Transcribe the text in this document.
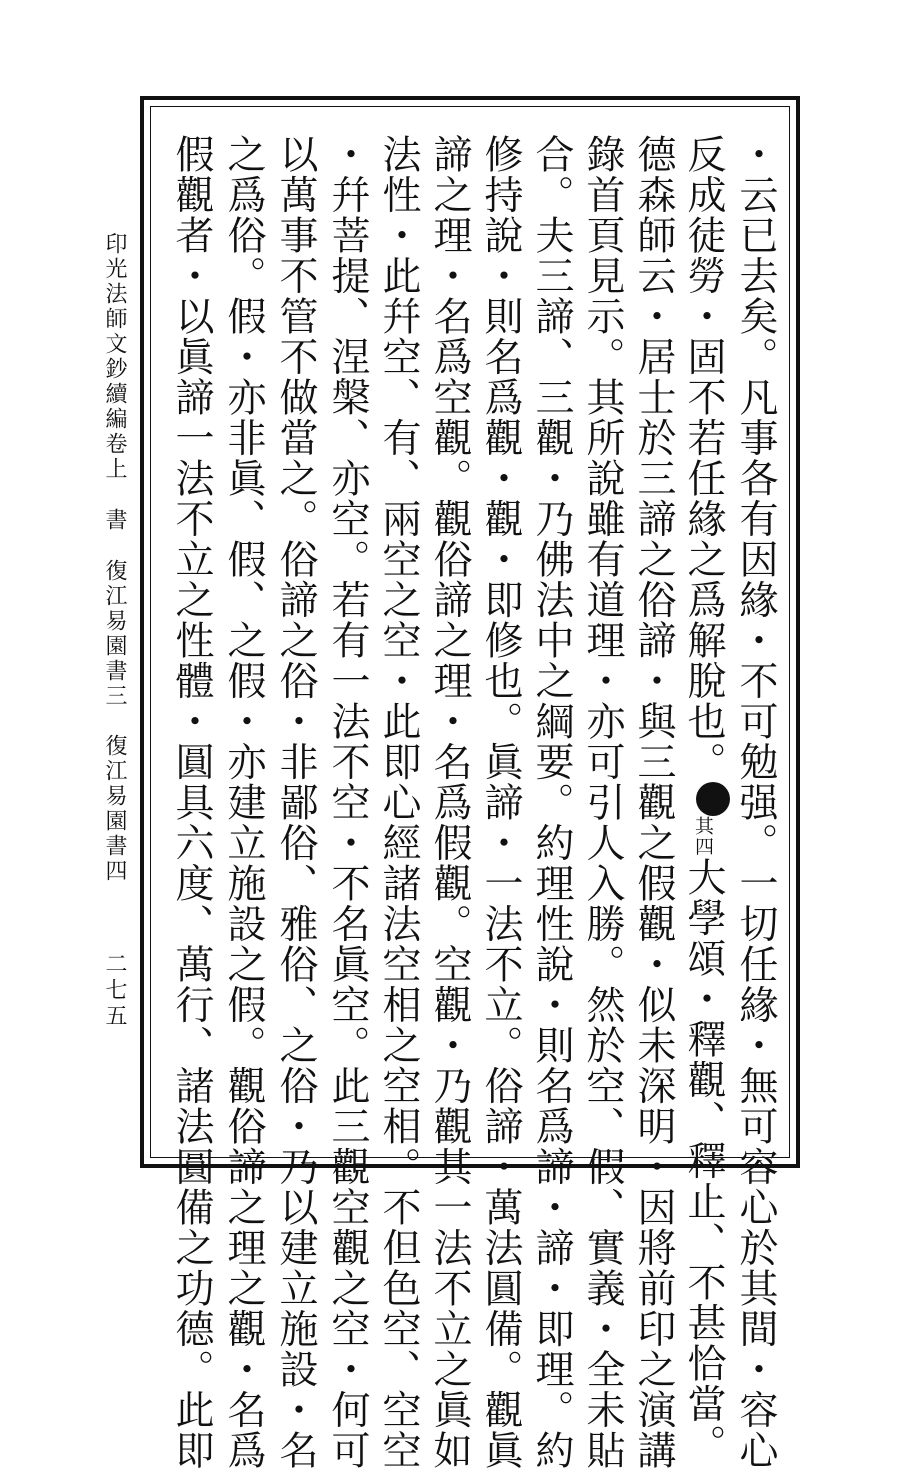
印光法師文鈔續編卷上書復江易園書三　復江易園書四
二七五	・云已去矣。凡事各有因緣・不可勉强。一切任緣・無可容心於其間・容心
反成徒勞・固不若任緣之爲解脫也。其四大學頌・釋觀、釋止、不甚恰當。
德森師云・居士於三諦之俗諦・與三觀之假觀・似未深明・因將前印之演講
錄首頁見示。其所說雖有道理・亦可引人入勝。然於空、假、實義・全未貼
合。夫三諦、三觀・乃佛法中之綱要。約理性說・則名爲諦・諦・即理。約
修持說・則名爲觀・觀・即修也。眞諦・一法不立。俗諦・萬法圓備。觀眞
諦之理・名爲空觀。觀俗諦之理・名爲假觀。空觀・乃觀其一法不立之眞如
法性・此幷空、有、兩空之空・此即心經諸法空相之空相。不但色空、空空
・幷菩提、涅槃、亦空。若有一法不空・不名眞空。此三觀空觀之空・何可
以萬事不管不做當之。俗諦之俗・非鄙俗、雅俗、之俗・乃以建立施設・名
之爲俗。假・亦非眞、假、之假・亦建立施設之假。觀俗諦之理之觀・名爲
假觀者・以眞諦一法不立之性體・圓具六度、萬行、諸法圓備之功德。此即
